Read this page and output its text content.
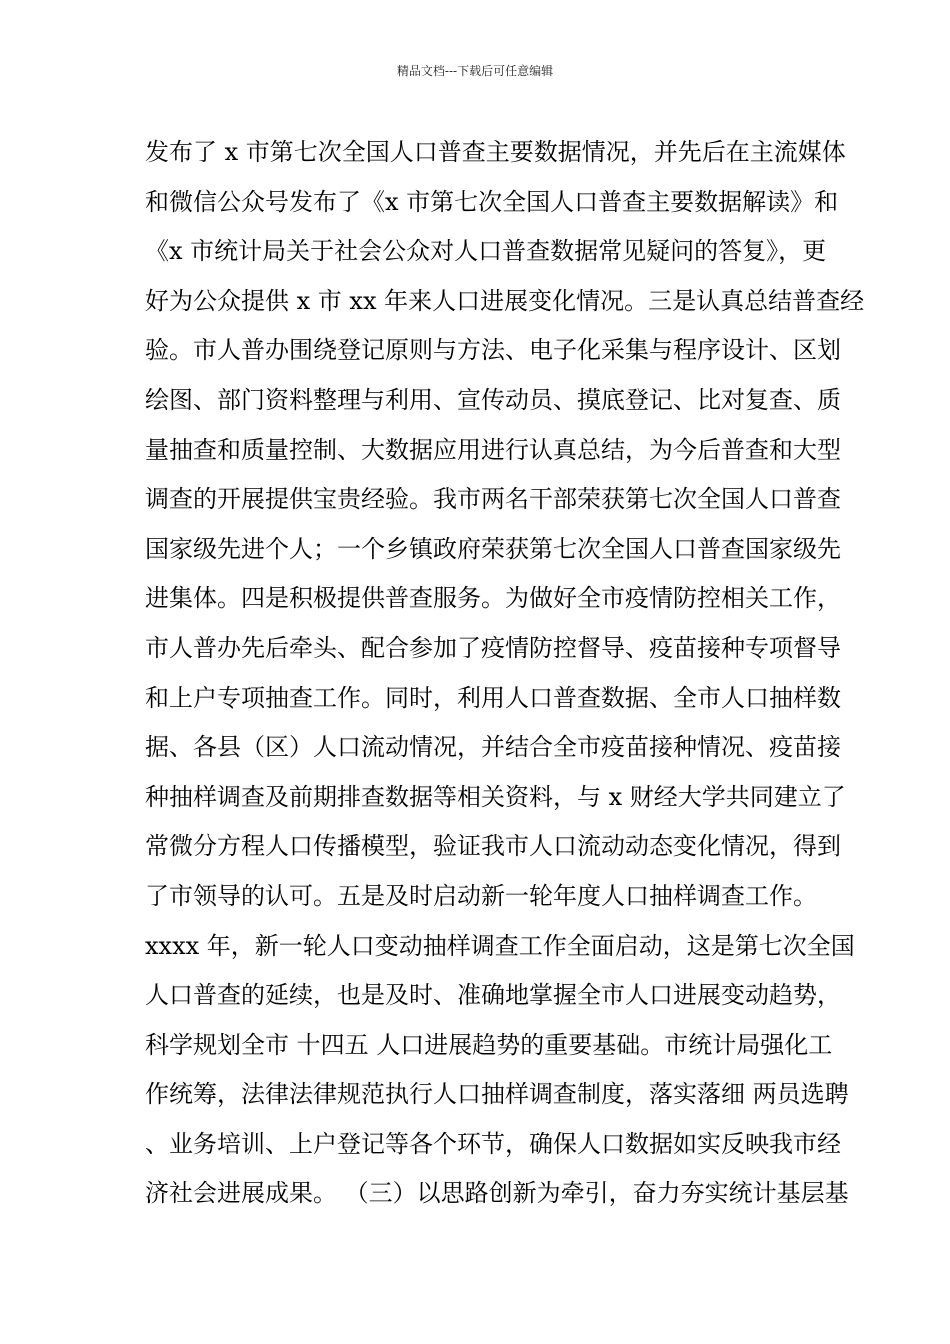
精品文档---下载后可任意编辑
发布了 x 市第七次全国人口普查主要数据情况，并先后在主流媒体
和微信公众号发布了《x 市第七次全国人口普查主要数据解读》和
《x 市统计局关于社会公众对人口普查数据常见疑问的答复》，更
好为公众提供 x 市 xx 年来人口进展变化情况。三是认真总结普查经
验。市人普办围绕登记原则与方法、电子化采集与程序设计、区划
绘图、部门资料整理与利用、宣传动员、摸底登记、比对复查、质
量抽查和质量控制、大数据应用进行认真总结，为今后普查和大型
调查的开展提供宝贵经验。我市两名干部荣获第七次全国人口普查
国家级先进个人；一个乡镇政府荣获第七次全国人口普查国家级先
进集体。四是积极提供普查服务。为做好全市疫情防控相关工作，
市人普办先后牵头、配合参加了疫情防控督导、疫苗接种专项督导
和上户专项抽查工作。同时，利用人口普查数据、全市人口抽样数
据、各县（区）人口流动情况，并结合全市疫苗接种情况、疫苗接
种抽样调查及前期排查数据等相关资料，与 x 财经大学共同建立了
常微分方程人口传播模型，验证我市人口流动动态变化情况，得到
了市领导的认可。五是及时启动新一轮年度人口抽样调查工作。
xxxx 年，新一轮人口变动抽样调查工作全面启动，这是第七次全国
人口普查的延续，也是及时、准确地掌握全市人口进展变动趋势，
科学规划全市 十四五 人口进展趋势的重要基础。市统计局强化工
作统筹，法律法律规范执行人口抽样调查制度，落实落细 两员选聘
、业务培训、上户登记等各个环节，确保人口数据如实反映我市经
济社会进展成果。 （三）以思路创新为牵引，奋力夯实统计基层基
